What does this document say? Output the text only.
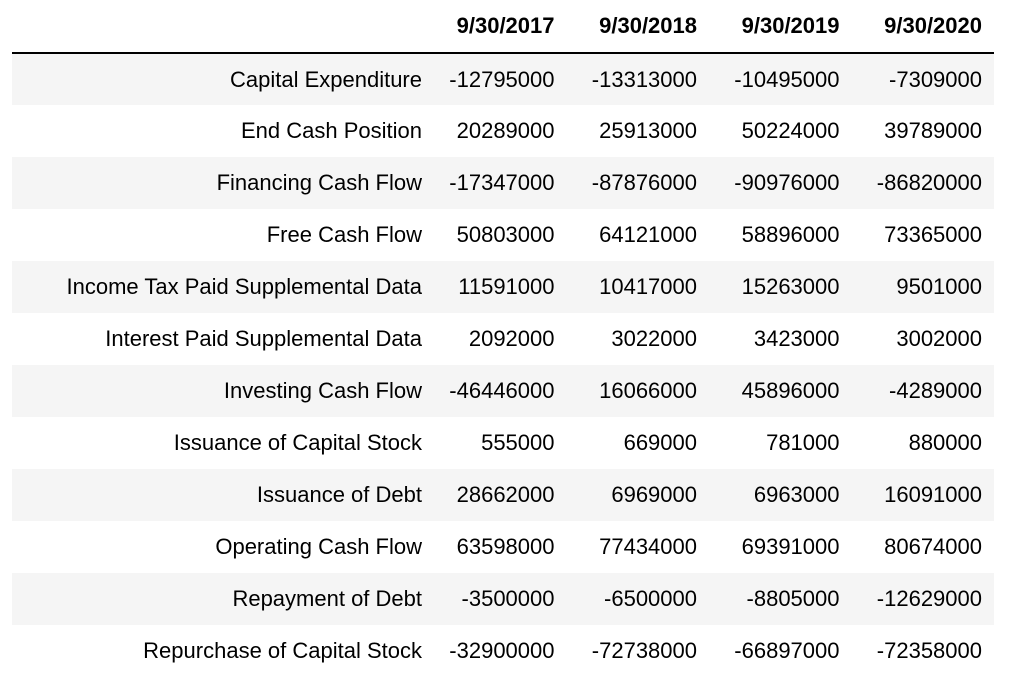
	9/30/2017	9/30/2018	9/30/2019	9/30/2020
Capital Expenditure	-12795000	-13313000	-10495000	-7309000
End Cash Position	20289000	25913000	50224000	39789000
Financing Cash Flow	-17347000	-87876000	-90976000	-86820000
Free Cash Flow	50803000	64121000	58896000	73365000
Income Tax Paid Supplemental Data	11591000	10417000	15263000	9501000
Interest Paid Supplemental Data	2092000	3022000	3423000	3002000
Investing Cash Flow	-46446000	16066000	45896000	-4289000
Issuance of Capital Stock	555000	669000	781000	880000
Issuance of Debt	28662000	6969000	6963000	16091000
Operating Cash Flow	63598000	77434000	69391000	80674000
Repayment of Debt	-3500000	-6500000	-8805000	-12629000
Repurchase of Capital Stock	-32900000	-72738000	-66897000	-72358000
